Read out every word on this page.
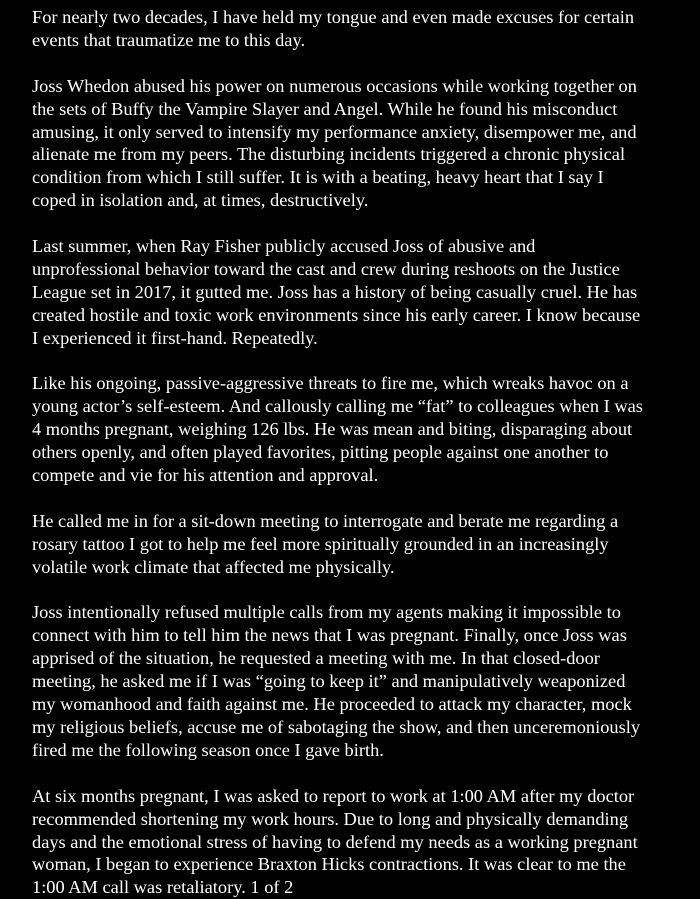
For nearly two decades, I have held my tongue and even made excuses for certain
events that traumatize me to this day.

Joss Whedon abused his power on numerous occasions while working together on
the sets of Buffy the Vampire Slayer and Angel. While he found his misconduct
amusing, it only served to intensify my performance anxiety, disempower me, and
alienate me from my peers. The disturbing incidents triggered a chronic physical
condition from which I still suffer. It is with a beating, heavy heart that I say I
coped in isolation and, at times, destructively.

Last summer, when Ray Fisher publicly accused Joss of abusive and
unprofessional behavior toward the cast and crew during reshoots on the Justice
League set in 2017, it gutted me. Joss has a history of being casually cruel. He has
created hostile and toxic work environments since his early career. I know because
I experienced it first-hand. Repeatedly.

Like his ongoing, passive-aggressive threats to fire me, which wreaks havoc on a
young actor’s self-esteem. And callously calling me “fat” to colleagues when I was
4 months pregnant, weighing 126 lbs. He was mean and biting, disparaging about
others openly, and often played favorites, pitting people against one another to
compete and vie for his attention and approval.

He called me in for a sit-down meeting to interrogate and berate me regarding a
rosary tattoo I got to help me feel more spiritually grounded in an increasingly
volatile work climate that affected me physically.

Joss intentionally refused multiple calls from my agents making it impossible to
connect with him to tell him the news that I was pregnant. Finally, once Joss was
apprised of the situation, he requested a meeting with me. In that closed-door
meeting, he asked me if I was “going to keep it” and manipulatively weaponized
my womanhood and faith against me. He proceeded to attack my character, mock
my religious beliefs, accuse me of sabotaging the show, and then unceremoniously
fired me the following season once I gave birth.

At six months pregnant, I was asked to report to work at 1:00 AM after my doctor
recommended shortening my work hours. Due to long and physically demanding
days and the emotional stress of having to defend my needs as a working pregnant
woman, I began to experience Braxton Hicks contractions. It was clear to me the
1:00 AM call was retaliatory. 1 of 2
